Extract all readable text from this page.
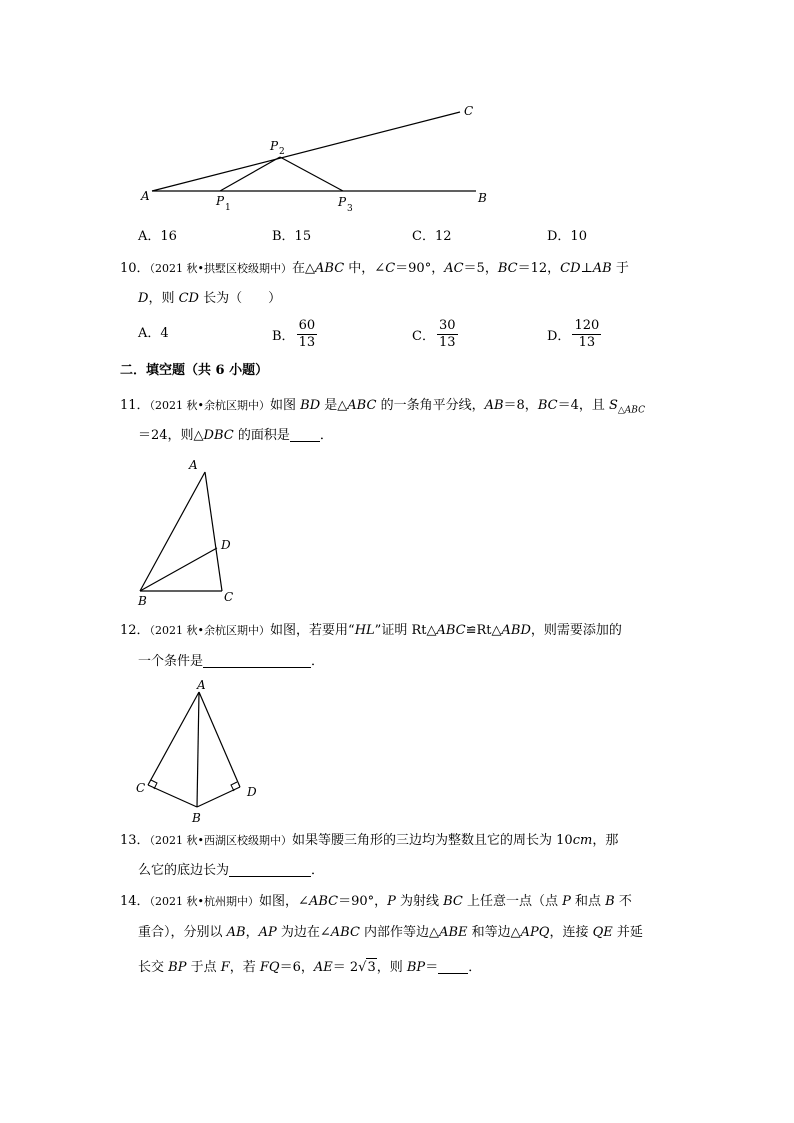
A	B
C
P 2
P 1	P 3
A．16	B．15	C．12	D．10
10．（2021 秋•拱墅区校级期中）在△ABC 中，∠C＝90°，AC＝5，BC＝12，CD⊥AB 于
D，则 CD 长为（　　）
A．4	B． $\frac{60}{13}$	C． $\frac{30}{13}$	D． $\frac{120}{13}$
二．填空题（共 6 小题）
11．（2021 秋•余杭区期中）如图 BD 是△ABC 的一条角平分线，AB＝8，BC＝4，且 $S_{\triangle ABC}$
＝24，则△DBC 的面积是 ．
A
D
B	C
12．（2021 秋•余杭区期中）如图，若要用“HL”证明 Rt△ABC≌Rt△ABD，则需要添加的
一个条件是	．
A
C	D
B
13．（2021 秋•西湖区校级期中）如果等腰三角形的三边均为整数且它的周长为 10cm，那
么它的底边长为	．
14．（2021 秋•杭州期中）如图，∠ABC＝90°，P 为射线 BC 上任意一点（点 P 和点 B 不
重合），分别以 AB，AP 为边在∠ABC 内部作等边△ABE 和等边△APQ，连接 QE 并延
长交 BP 于点 F，若 FQ＝6，AE＝ 2 √ 3 ，则 BP＝ ．
